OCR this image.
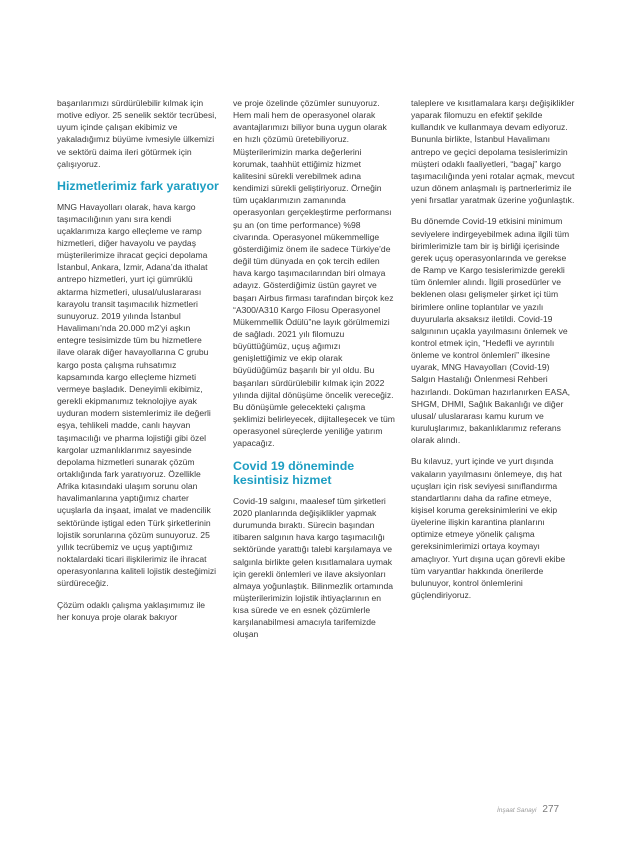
başarılarımızı sürdürülebilir kılmak için motive ediyor. 25 senelik sektör tecrübesi, uyum içinde çalışan ekibimiz ve yakaladığımız büyüme ivmesiyle ülkemizi ve sektörü daima ileri götürmek için çalışıyoruz.

Hizmetlerimiz fark yaratıyor

MNG Havayolları olarak, hava kargo taşımacılığının yanı sıra kendi uçaklarımıza kargo elleçleme ve ramp hizmetleri, diğer havayolu ve paydaş müşterilerimize ihracat geçici depolama İstanbul, Ankara, İzmir, Adana’da ithalat antrepo hizmetleri, yurt içi gümrüklü aktarma hizmetleri, ulusal/uluslararası karayolu transit taşımacılık hizmetleri sunuyoruz. 2019 yılında İstanbul Havalimanı’nda 20.000 m2’yi aşkın entegre tesisimizde tüm bu hizmetlere ilave olarak diğer havayollarına C grubu kargo posta çalışma ruhsatımız kapsamında kargo elleçleme hizmeti vermeye başladık. Deneyimli ekibimiz, gerekli ekipmanımız teknolojiye ayak uyduran modern sistemlerimiz ile değerli eşya, tehlikeli madde, canlı hayvan taşımacılığı ve pharma lojistiği gibi özel kargolar uzmanlıklarımız sayesinde depolama hizmetleri sunarak çözüm ortaklığında fark yaratıyoruz. Özellikle Afrika kıtasındaki ulaşım sorunu olan havalimanlarına yaptığımız charter uçuşlarla da inşaat, imalat ve madencilik sektöründe iştigal eden Türk şirketlerinin lojistik sorunlarına çözüm sunuyoruz. 25 yıllık tecrübemiz ve uçuş yaptığımız noktalardaki ticari ilişkilerimiz ile ihracat operasyonlarına kaliteli lojistik desteğimizi sürdüreceğiz.

Çözüm odaklı çalışma yaklaşımımız ile her konuya proje olarak bakıyor

ve proje özelinde çözümler sunuyoruz. Hem mali hem de operasyonel olarak avantajlarımızı biliyor buna uygun olarak en hızlı çözümü üretebiliyoruz. Müşterilerimizin marka değerlerini korumak, taahhüt ettiğimiz hizmet kalitesini sürekli verebilmek adına kendimizi sürekli geliştiriyoruz. Örneğin tüm uçaklarımızın zamanında operasyonları gerçekleştirme performansı şu an (on time performance) %98 civarında. Operasyonel mükemmellige gösterdiğimiz önem ile sadece Türkiye’de değil tüm dünyada en çok tercih edilen hava kargo taşımacılarından biri olmaya adayız. Gösterdiğimiz üstün gayret ve başarı Airbus firması tarafından birçok kez “A300/A310 Kargo Filosu Operasyonel Mükemmellik Ödülü”ne layık görülmemizi de sağladı. 2021 yılı filomuzu büyüttüğümüz, uçuş ağımızı genişlettiğimiz ve ekip olarak büyüdüğümüz başarılı bir yıl oldu. Bu başarıları sürdürülebilir kılmak için 2022 yılında dijital dönüşüme öncelik vereceğiz. Bu dönüşümle gelecekteki çalışma şeklimizi belirleyecek, dijitalleşecek ve tüm operasyonel süreçlerde yeniliğe yatırım yapacağız.

Covid 19 döneminde kesintisiz hizmet

Covid-19 salgını, maalesef tüm şirketleri 2020 planlarında değişiklikler yapmak durumunda bıraktı. Sürecin başından itibaren salgının hava kargo taşımacılığı sektöründe yarattığı talebi karşılamaya ve salgınla birlikte gelen kısıtlamalara uymak için gerekli önlemleri ve ilave aksiyonları almaya yoğunlaştık. Bilinmezlik ortamında müşterilerimizin lojistik ihtiyaçlarının en kısa sürede ve en esnek çözümlerle karşılanabilmesi amacıyla tarifemizde oluşan

taleplere ve kısıtlamalara karşı değişiklikler yaparak filomuzu en efektif şekilde kullandık ve kullanmaya devam ediyoruz. Bununla birlikte, İstanbul Havalimanı antrepo ve geçici depolama tesislerimizin müşteri odaklı faaliyetleri, “bagaj” kargo taşımacılığında yeni rotalar açmak, mevcut uzun dönem anlaşmalı iş partnerlerimiz ile yeni fırsatlar yaratmak üzerine yoğunlaştık.

Bu dönemde Covid-19 etkisini minimum seviyelere indirgeyebilmek adına ilgili tüm birimlerimizle tam bir iş birliği içerisinde gerek uçuş operasyonlarında ve gerekse de Ramp ve Kargo tesislerimizde gerekli tüm önlemler alındı. İlgili prosedürler ve beklenen olası gelişmeler şirket içi tüm birimlere online toplantılar ve yazılı duyurularla aksaksız iletildi. Covid-19 salgınının uçakla yayılmasını önlemek ve kontrol etmek için, “Hedefli ve ayrıntılı önleme ve kontrol önlemleri” ilkesine uyarak, MNG Havayolları (Covid-19) Salgın Hastalığı Önlenmesi Rehberi hazırlandı. Doküman hazırlanırken EASA, SHGM, DHMI, Sağlık Bakanlığı ve diğer ulusal/ uluslararası kamu kurum ve kuruluşlarımız, bakanlıklarımız referans olarak alındı.

Bu kılavuz, yurt içinde ve yurt dışında vakaların yayılmasını önlemeye, dış hat uçuşları için risk seviyesi sınıflandırma standartlarını daha da rafine etmeye, kişisel koruma gereksinimlerini ve ekip üyelerine ilişkin karantina planlarını optimize etmeye yönelik çalışma gereksinimlerimizi ortaya koymayı amaçlıyor. Yurt dışına uçan görevli ekibe tüm varyantlar hakkında önerilerde bulunuyor, kontrol önlemlerini güçlendiriyoruz.

İnşaat Sanayi 277
